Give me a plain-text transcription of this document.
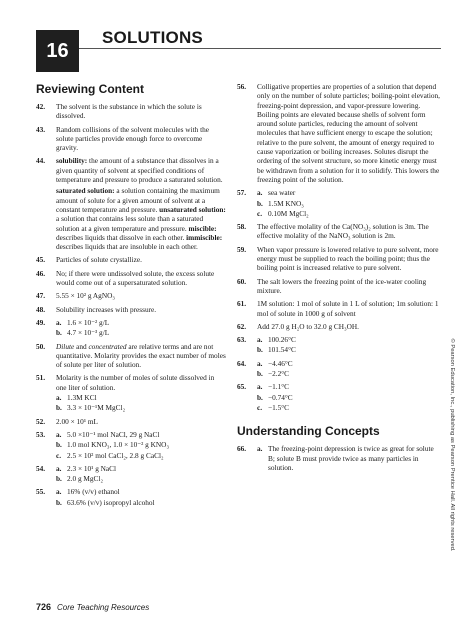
16
SOLUTIONS
Reviewing Content
42.	The solvent is the substance in which the solute is dissolved.
43.	Random collisions of the solvent molecules with the solute particles provide enough force to overcome gravity.
44.	solubility: the amount of a substance that dissolves in a given quantity of solvent at specified conditions of temperature and pressure to produce a saturated solution.
saturated solution: a solution containing the maximum amount of solute for a given amount of solvent at a constant temperature and pressure. unsaturated solution: a solution that contains less solute than a saturated solution at a given temperature and pressure. miscible: describes liquids that dissolve in each other. immiscible: describes liquids that are insoluble in each other.
45.	Particles of solute crystallize.
46.	No; if there were undissolved solute, the excess solute would come out of a supersaturated solution.
47.	5.55 × 10² g AgNO₃
48.	Solubility increases with pressure.
49.	a. 1.6 × 10⁻² g/L
b. 4.7 × 10⁻³ g/L
50.	Dilute and concentrated are relative terms and are not quantitative. Molarity provides the exact number of moles of solute per liter of solution.
51.	Molarity is the number of moles of solute dissolved in one liter of solution.
a. 1.3M KCl
b. 3.3 × 10⁻¹M MgCl₂
52.	2.00 × 10¹ mL
53.	a. 5.0 ×10⁻¹ mol NaCl, 29 g NaCl
b. 1.0 mol KNO₃, 1.0 × 10⁻² g KNO₃
c. 2.5 × 10² mol CaCl₂, 2.8 g CaCl₂
54.	a. 2.3 × 10¹ g NaCl
b. 2.0 g MgCl₂
55.	a. 16% (v/v) ethanol
b. 63.6% (v/v) isopropyl alcohol
56.	Colligative properties are properties of a solution that depend only on the number of solute particles; boiling-point elevation, freezing-point depression, and vapor-pressure lowering. Boiling points are elevated because shells of solvent form around solute particles, reducing the amount of solvent molecules that have sufficient energy to escape the solution; relative to the pure solvent, the amount of energy required to cause vaporization or boiling increases. Solutes disrupt the ordering of the solvent structure, so more kinetic energy must be withdrawn from a solution for it to solidify. This lowers the freezing point of the solution.
57.	a. sea water
b. 1.5M KNO₃
c. 0.10M MgCl₂
58.	The effective molality of the Ca(NO₃)₂ solution is 3m. The effective molality of the NaNO₃ solution is 2m.
59.	When vapor pressure is lowered relative to pure solvent, more energy must be supplied to reach the boiling point; thus the boiling point is increased relative to pure solvent.
60.	The salt lowers the freezing point of the ice-water cooling mixture.
61.	1M solution: 1 mol of solute in 1 L of solution; 1m solution: 1 mol of solute in 1000 g of solvent
62.	Add 27.0 g H₂O to 32.0 g CH₃OH.
63.	a. 100.26°C
b. 101.54°C
64.	a. −4.46°C
b. −2.2°C
65.	a. −1.1°C
b. −0.74°C
c. −1.5°C
Understanding Concepts
66.	a. The freezing-point depression is twice as great for solute B; solute B must provide twice as many particles in solution.	© Pearson Education, Inc., publishing as Pearson Prentice Hall. All rights reserved.
726 Core Teaching Resources
